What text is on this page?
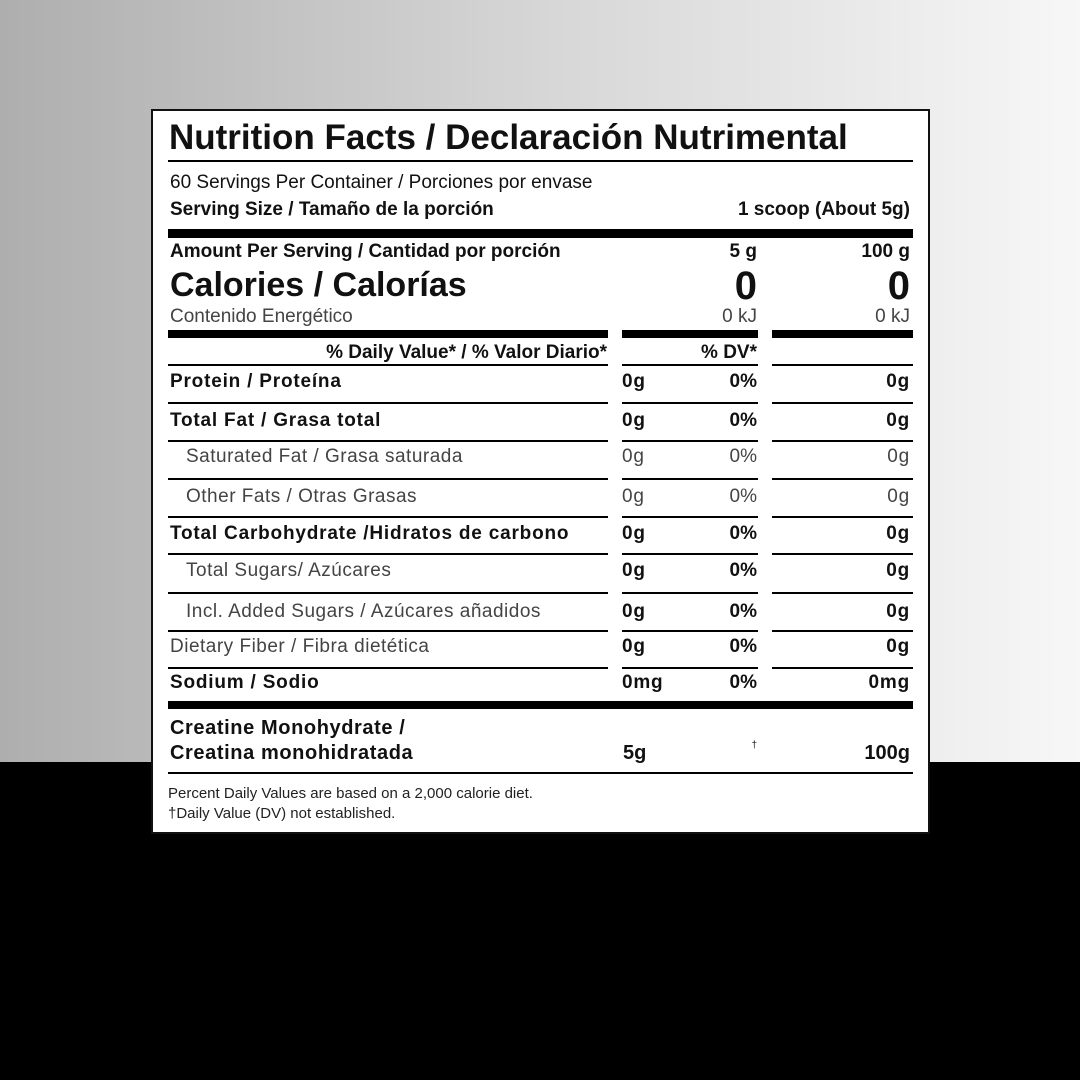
Nutrition Facts / Declaración Nutrimental
60 Servings Per Container / Porciones por envase
Serving Size / Tamaño de la porción	1 scoop (About 5g)
Amount Per Serving / Cantidad por porción	5 g	100 g
Calories / Calorías	0	0
Contenido Energético	0 kJ	0 kJ
% Daily Value* / % Valor Diario*	% DV*
Protein / Proteína	0g	0%	0g
Total Fat / Grasa total	0g	0%	0g
Saturated Fat / Grasa saturada	0g	0%	0g
Other Fats / Otras Grasas	0g	0%	0g
Total Carbohydrate /Hidratos de carbono	0g	0%	0g
Total Sugars/ Azúcares	0g	0%	0g
Incl. Added Sugars / Azúcares añadidos	0g	0%	0g
Dietary Fiber / Fibra dietética	0g	0%	0g
Sodium / Sodio	0mg	0%	0mg
Creatine Monohydrate /
Creatina monohidratada	5g	†	100g
Percent Daily Values are based on a 2,000 calorie diet.
†Daily Value (DV) not established.
